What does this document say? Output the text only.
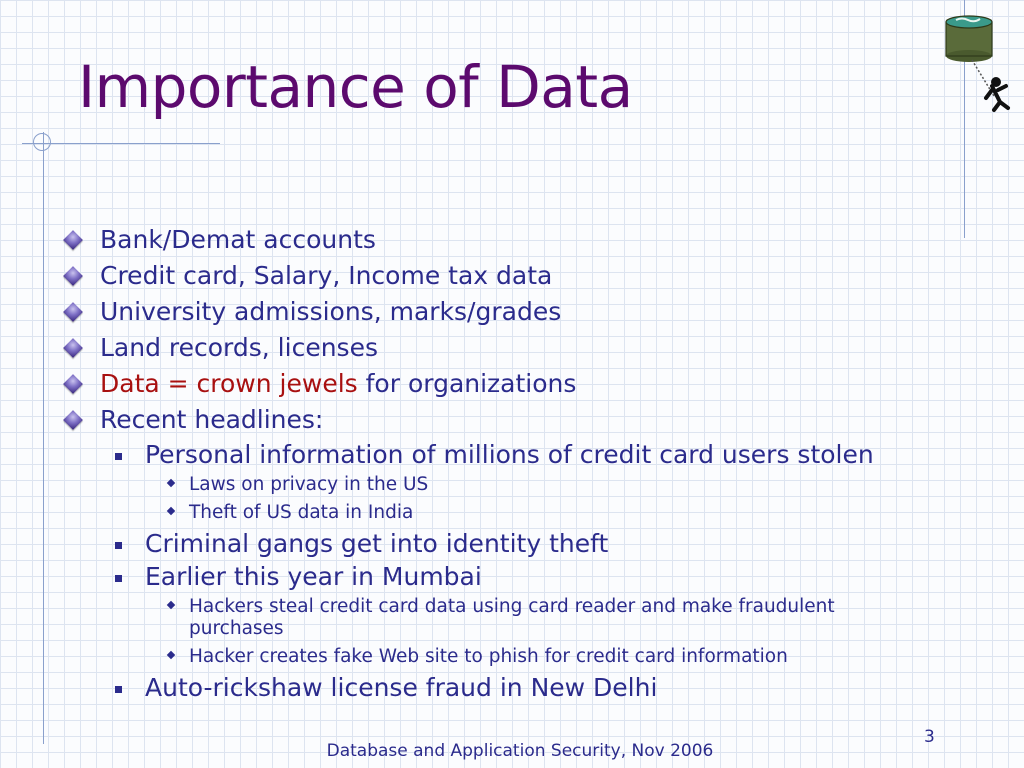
Importance of Data
Bank/Demat accounts
Credit card, Salary, Income tax data
University admissions, marks/grades
Land records, licenses
Data = crown jewels for organizations
Recent headlines:
Personal information of millions of credit card users stolen
Laws on privacy in the US
Theft of US data in India
Criminal gangs get into identity theft
Earlier this year in Mumbai
Hackers steal credit card data using card reader and make fraudulent purchases
Hacker creates fake Web site to phish for credit card information
Auto-rickshaw license fraud in New Delhi
Database and Application Security, Nov 2006
3
